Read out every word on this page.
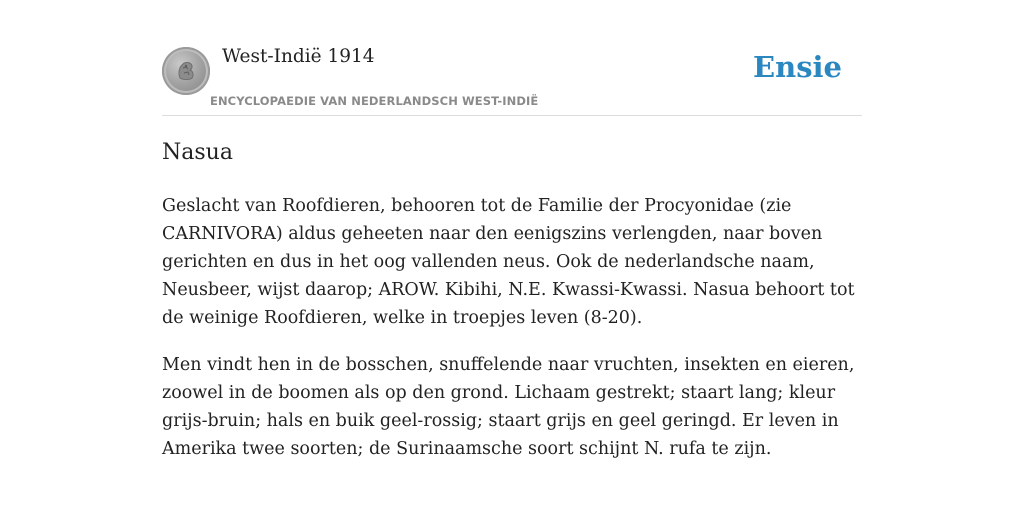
West-Indië 1914
ENCYCLOPAEDIE VAN NEDERLANDSCH WEST-INDIË
Ensie
Nasua

Geslacht van Roofdieren, behooren tot de Familie der Procyonidae (zie CARNIVORA) aldus geheeten naar den eenigszins verlengden, naar boven gerichten en dus in het oog vallenden neus. Ook de nederlandsche naam, Neusbeer, wijst daarop; AROW. Kibihi, N.E. Kwassi-Kwassi. Nasua behoort tot de weinige Roofdieren, welke in troepjes leven (8-20).

Men vindt hen in de bosschen, snuffelende naar vruchten, insekten en eieren, zoowel in de boomen als op den grond. Lichaam gestrekt; staart lang; kleur grijs-bruin; hals en buik geel-rossig; staart grijs en geel geringd. Er leven in Amerika twee soorten; de Surinaamsche soort schijnt N. rufa te zijn.
